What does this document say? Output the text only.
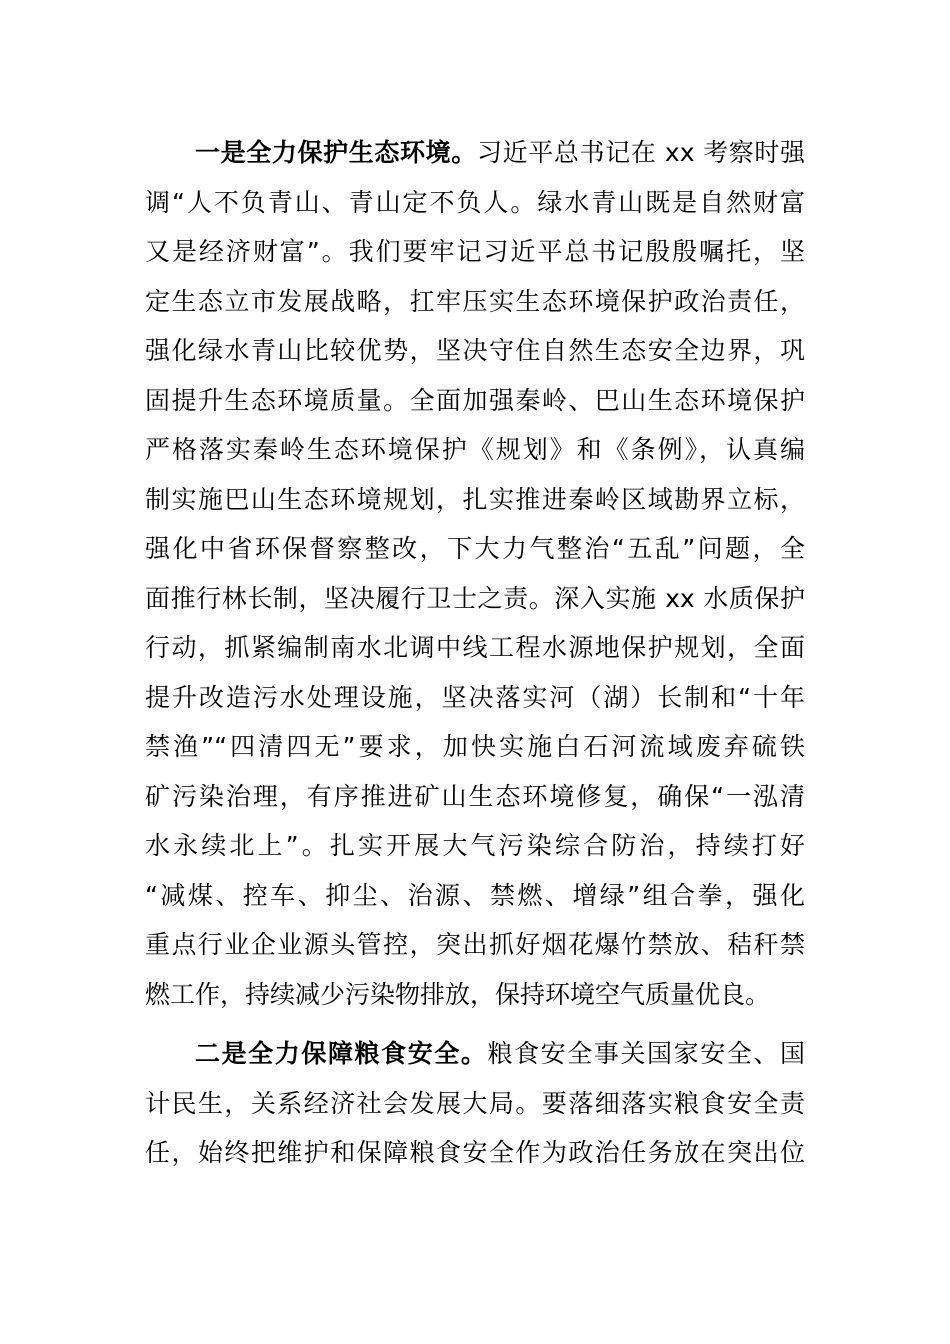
一是全力保护生态环境。习近平总书记在 xx 考察时强
调“人不负青山、青山定不负人。绿水青山既是自然财富
又是经济财富”。我们要牢记习近平总书记殷殷嘱托，坚
定生态立市发展战略，扛牢压实生态环境保护政治责任，
强化绿水青山比较优势，坚决守住自然生态安全边界，巩
固提升生态环境质量。全面加强秦岭、巴山生态环境保护
严格落实秦岭生态环境保护《规划》和《条例》，认真编
制实施巴山生态环境规划，扎实推进秦岭区域勘界立标，
强化中省环保督察整改，下大力气整治“五乱”问题，全
面推行林长制，坚决履行卫士之责。深入实施 xx 水质保护
行动，抓紧编制南水北调中线工程水源地保护规划，全面
提升改造污水处理设施，坚决落实河（湖）长制和“十年
禁渔”“四清四无”要求，加快实施白石河流域废弃硫铁
矿污染治理，有序推进矿山生态环境修复，确保“一泓清
水永续北上”。扎实开展大气污染综合防治，持续打好
“减煤、控车、抑尘、治源、禁燃、增绿”组合拳，强化
重点行业企业源头管控，突出抓好烟花爆竹禁放、秸秆禁
燃工作，持续减少污染物排放，保持环境空气质量优良。
二是全力保障粮食安全。粮食安全事关国家安全、国
计民生，关系经济社会发展大局。要落细落实粮食安全责
任，始终把维护和保障粮食安全作为政治任务放在突出位
